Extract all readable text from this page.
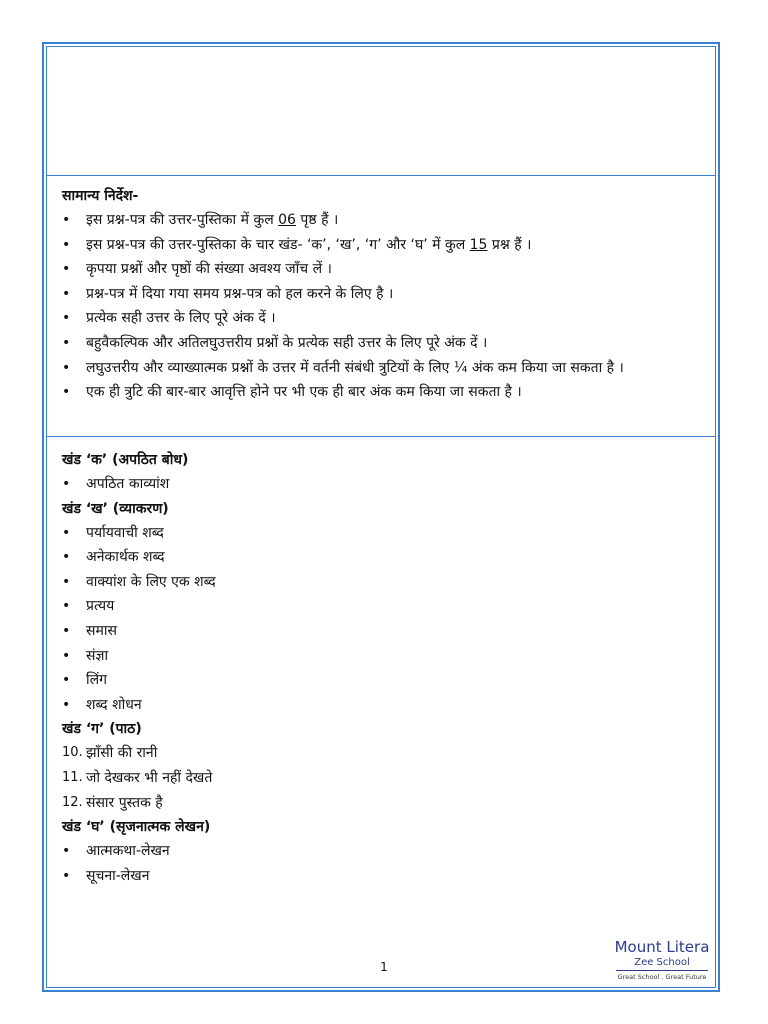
सामान्य निर्देश-
•	इस प्रश्न-पत्र की उत्तर-पुस्तिका में कुल 06 पृष्ठ हैं ।
•	इस प्रश्न-पत्र की उत्तर-पुस्तिका के चार खंड- ‘क’, ‘ख’, ‘ग’ और ‘घ’ में कुल 15 प्रश्न हैं ।
•	कृपया प्रश्नों और पृष्ठों की संख्या अवश्य जाँच लें ।
•	प्रश्न-पत्र में दिया गया समय प्रश्न-पत्र को हल करने के लिए है ।
•	प्रत्येक सही उत्तर के लिए पूरे अंक दें ।
•	बहुवैकल्पिक और अतिलघुउत्तरीय प्रश्नों के प्रत्येक सही उत्तर के लिए पूरे अंक दें ।
•	लघुउत्तरीय और व्याख्यात्मक प्रश्नों के उत्तर में वर्तनी संबंधी त्रुटियों के लिए ¼ अंक कम किया जा सकता है ।
•	एक ही त्रुटि की बार-बार आवृत्ति होने पर भी एक ही बार अंक कम किया जा सकता है ।
खंड ‘क’ (अपठित बोध)
•	अपठित काव्यांश
खंड ‘ख’ (व्याकरण)
•	पर्यायवाची शब्द
•	अनेकार्थक शब्द
•	वाक्यांश के लिए एक शब्द
•	प्रत्यय
•	समास
•	संज्ञा
•	लिंग
•	शब्द शोधन
खंड ‘ग’ (पाठ)
10. झाँसी की रानी
11. जो देखकर भी नहीं देखते
12. संसार पुस्तक है
खंड ‘घ’ (सृजनात्मक लेखन)
•	आत्मकथा-लेखन
•	सूचना-लेखन
1
Mount Litera
Zee School
Great School . Great Future
